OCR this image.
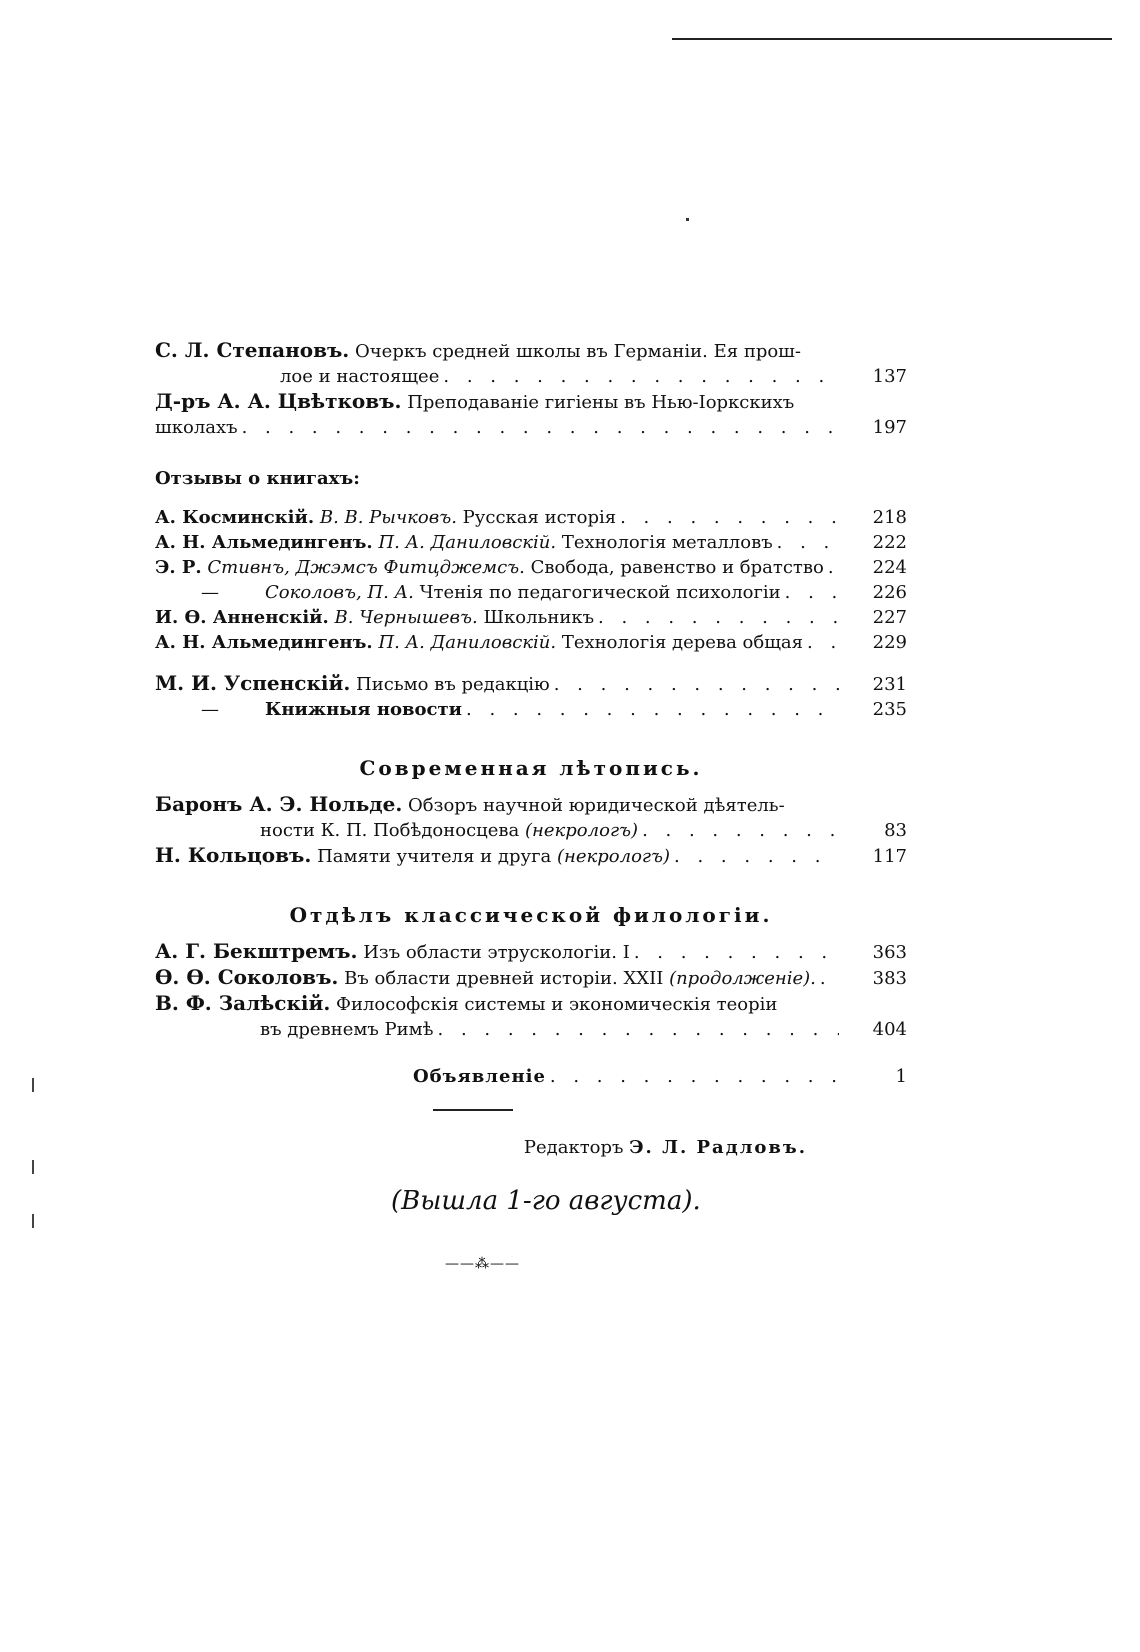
С. Л. Степановъ. Очеркъ средней школы въ Германіи. Ея прош-
лое и настоящее . . .	137
Д-ръ А. А. Цвѣтковъ. Преподаваніе гигіены въ Нью-Іоркскихъ
школахъ . . .	197
Отзывы о книгахъ:
А. Косминскій. В. В. Рычковъ. Русская исторія . . .	218
А. Н. Альмедингенъ. П. А. Даниловскій. Технологія металловъ . . .	222
Э. Р. Стивнъ, Джэмсъ Фитцджемсъ. Свобода, равенство и братство . . .	224
—	Соколовъ, П. А. Чтенія по педагогической психологіи . . .	226
И. Ѳ. Анненскій. В. Чернышевъ. Школьникъ . . .	227
А. Н. Альмедингенъ. П. А. Даниловскій. Технологія дерева общая . . .	229
М. И. Успенскій. Письмо въ редакцію . . .	231
—	Книжныя новости . . .	235
Современная лѣтопись.
Баронъ А. Э. Нольде. Обзоръ научной юридической дѣятель-
ности К. П. Побѣдоносцева (некрологъ) . . .	83
Н. Кольцовъ. Памяти учителя и друга (некрологъ) . . .	117
Отдѣлъ классической филологіи.
А. Г. Бекштремъ. Изъ области этрускологіи. I . . .	363
Ѳ. Ѳ. Соколовъ. Въ области древней исторіи. XXII (продолженіе). . . .	383
В. Ф. Залѣскій. Философскія системы и экономическія теоріи
въ древнемъ Римѣ . . .	404
Объявленіе . . .	1
Редакторъ Э. Л. Радловъ.
(Вышла 1-го августа).
——⁂——
